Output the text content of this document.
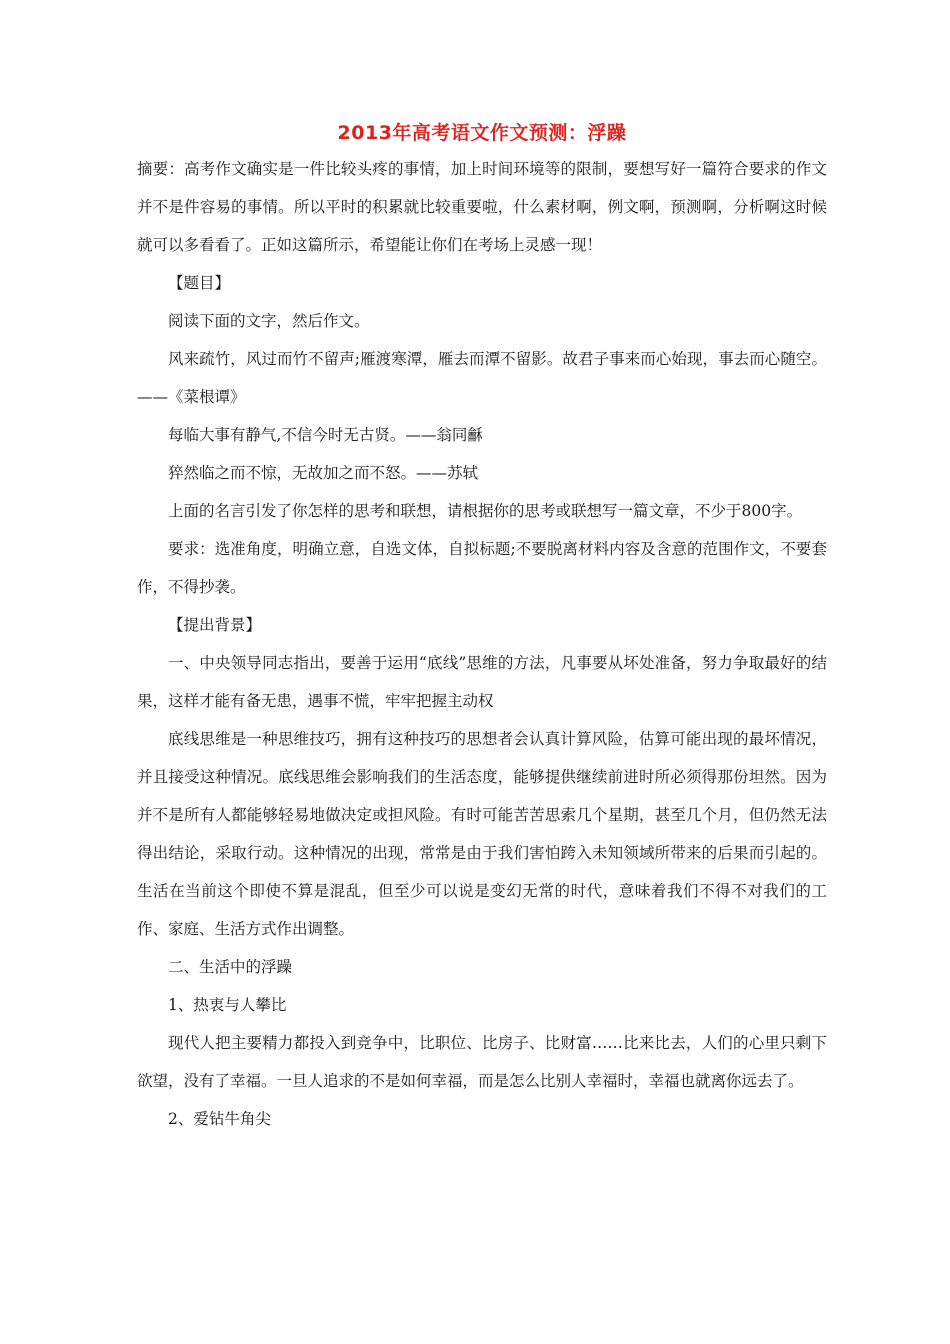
2013年高考语文作文预测：浮躁

摘要：高考作文确实是一件比较头疼的事情，加上时间环境等的限制，要想写好一篇符合要求的作文并不是件容易的事情。所以平时的积累就比较重要啦，什么素材啊，例文啊，预测啊，分析啊这时候就可以多看看了。正如这篇所示，希望能让你们在考场上灵感一现！

【题目】

阅读下面的文字，然后作文。

风来疏竹，风过而竹不留声;雁渡寒潭，雁去而潭不留影。故君子事来而心始现，事去而心随空。——《菜根谭》

每临大事有静气,不信今时无古贤。——翁同龢

猝然临之而不惊，无故加之而不怒。——苏轼

上面的名言引发了你怎样的思考和联想，请根据你的思考或联想写一篇文章，不少于800字。

要求：选准角度，明确立意，自选文体，自拟标题;不要脱离材料内容及含意的范围作文，不要套作，不得抄袭。

【提出背景】

一、中央领导同志指出，要善于运用“底线”思维的方法，凡事要从坏处准备，努力争取最好的结果，这样才能有备无患，遇事不慌，牢牢把握主动权

底线思维是一种思维技巧，拥有这种技巧的思想者会认真计算风险，估算可能出现的最坏情况，并且接受这种情况。底线思维会影响我们的生活态度，能够提供继续前进时所必须得那份坦然。因为并不是所有人都能够轻易地做决定或担风险。有时可能苦苦思索几个星期，甚至几个月，但仍然无法得出结论，采取行动。这种情况的出现，常常是由于我们害怕跨入未知领域所带来的后果而引起的。生活在当前这个即使不算是混乱，但至少可以说是变幻无常的时代，意味着我们不得不对我们的工作、家庭、生活方式作出调整。

二、生活中的浮躁

1、热衷与人攀比

现代人把主要精力都投入到竞争中，比职位、比房子、比财富……比来比去，人们的心里只剩下欲望，没有了幸福。一旦人追求的不是如何幸福，而是怎么比别人幸福时，幸福也就离你远去了。

2、爱钻牛角尖
